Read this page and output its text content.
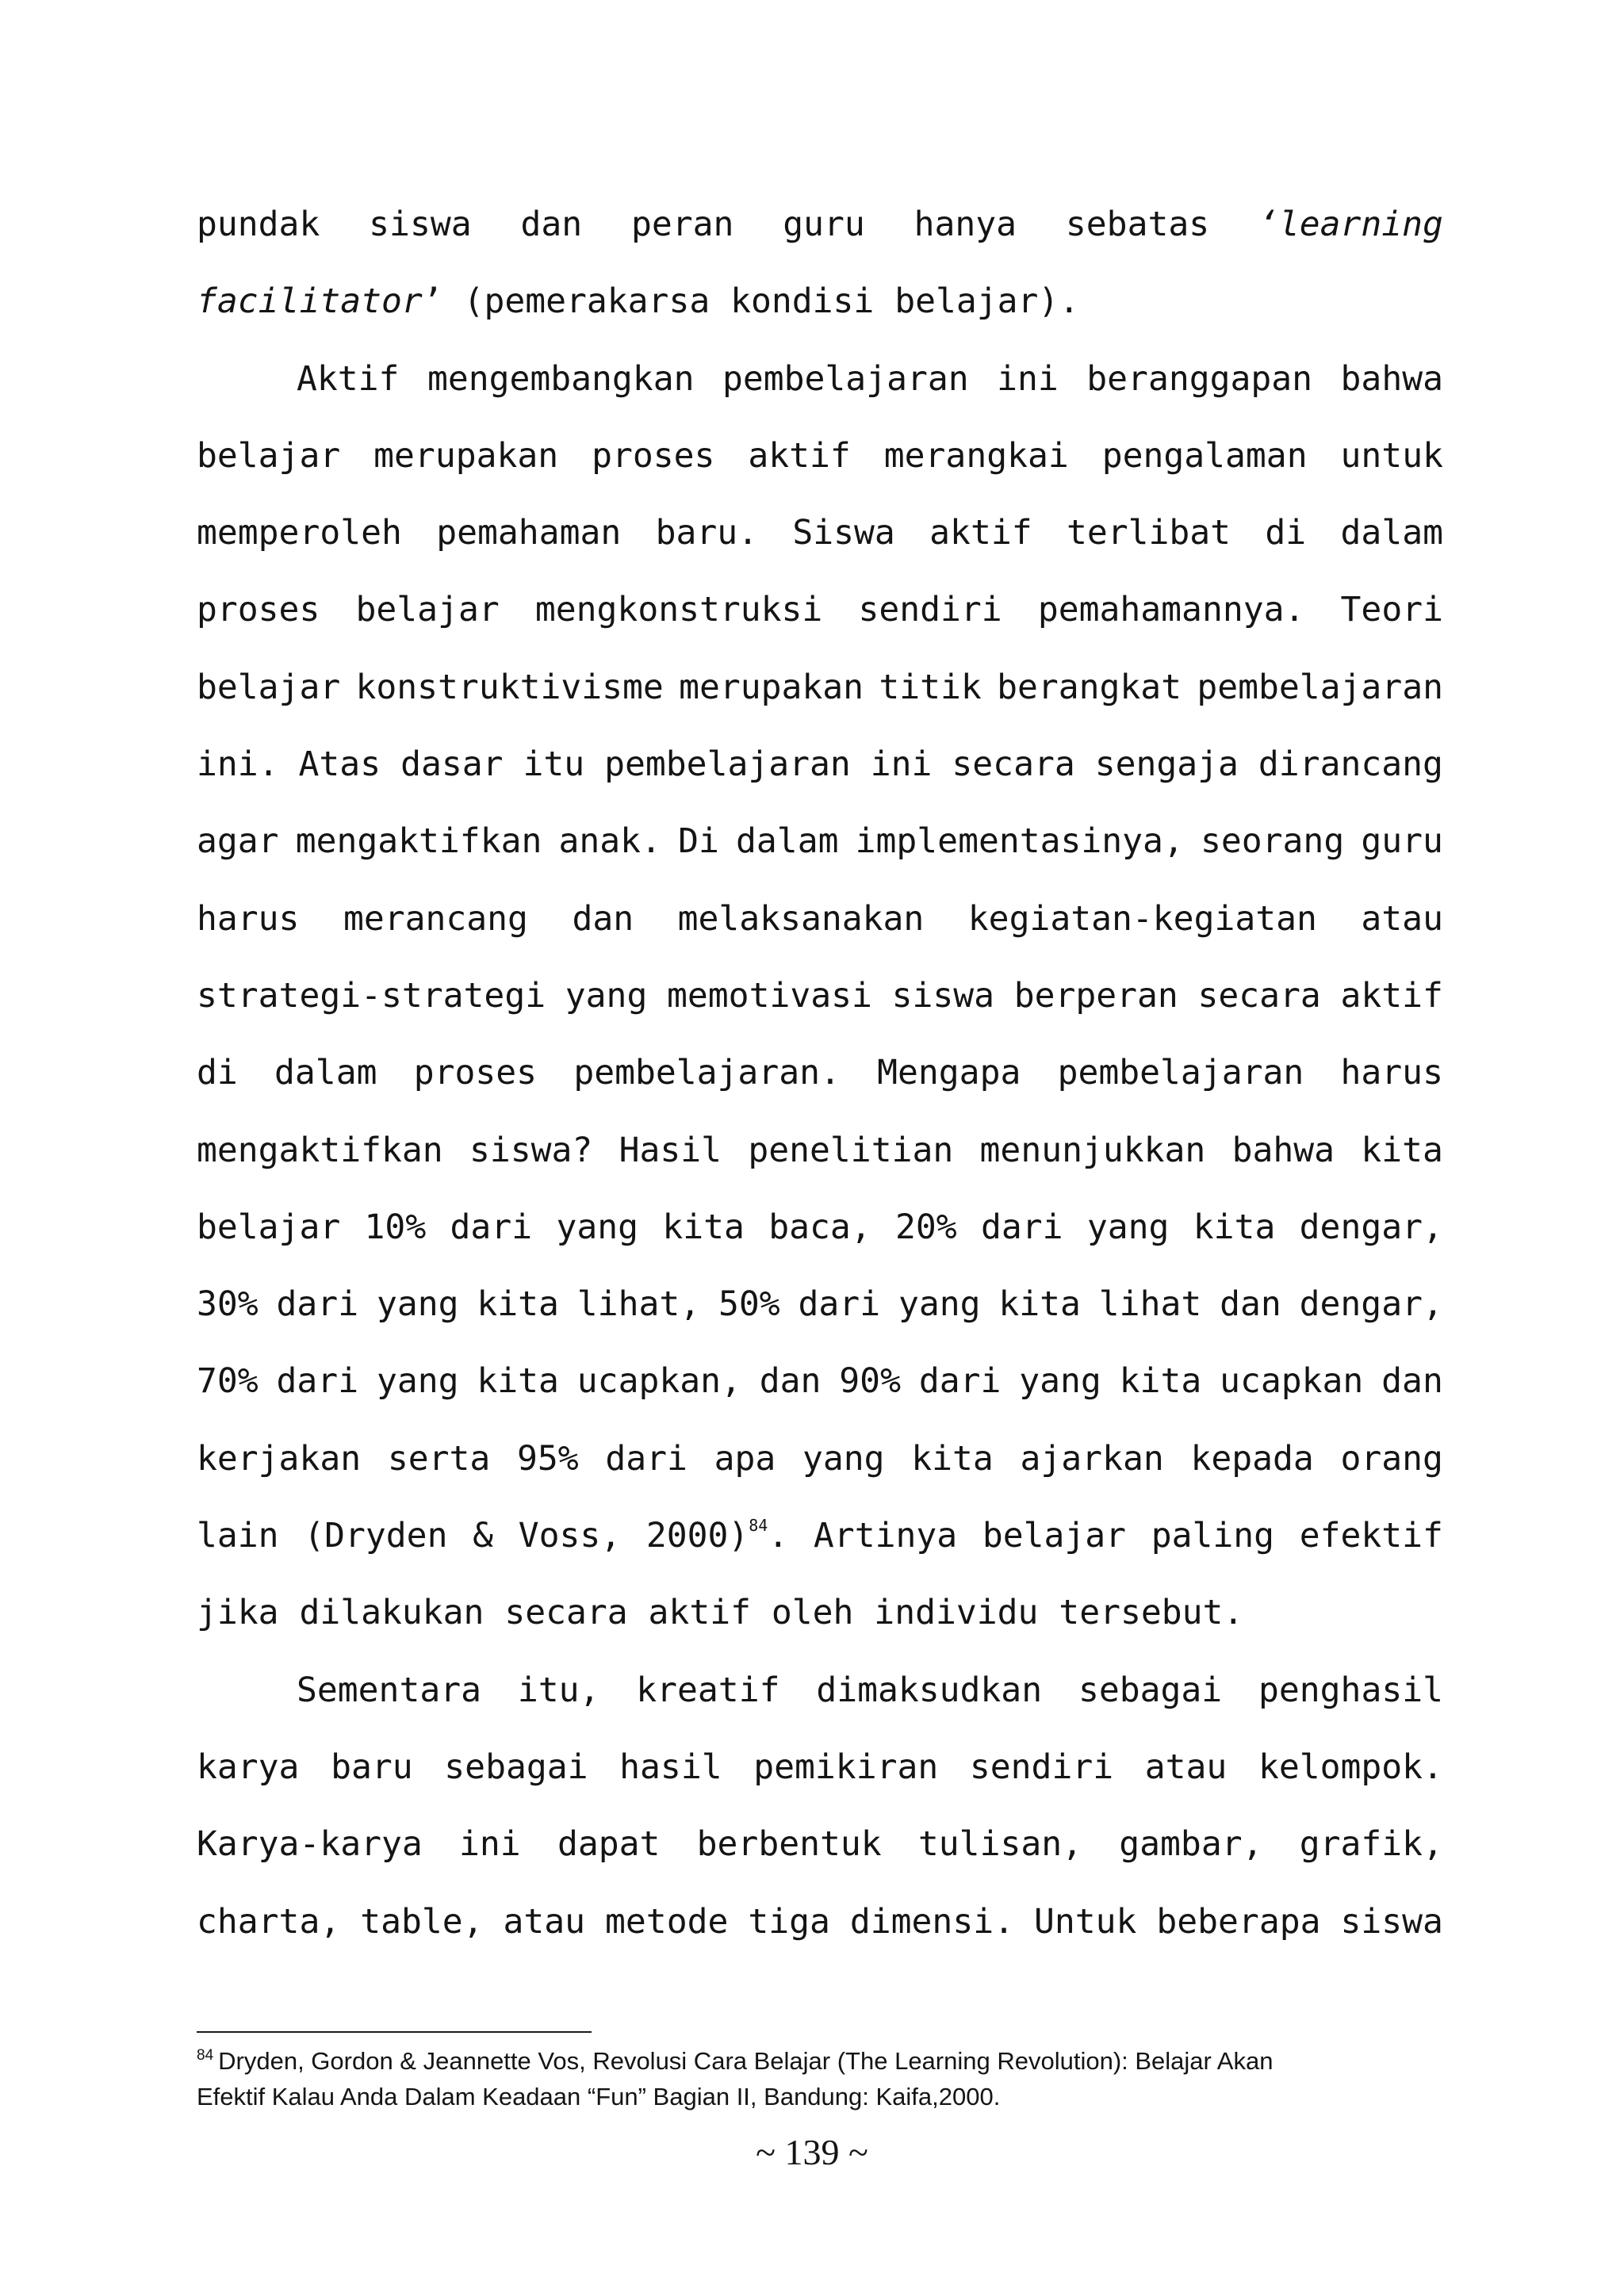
pundak siswa dan peran guru hanya sebatas ‘learning
facilitator’ (pemerakarsa kondisi belajar).
Aktif mengembangkan pembelajaran ini beranggapan bahwa
belajar merupakan proses aktif merangkai pengalaman untuk
memperoleh pemahaman baru. Siswa aktif terlibat di dalam
proses belajar mengkonstruksi sendiri pemahamannya. Teori
belajar konstruktivisme merupakan titik berangkat pembelajaran
ini. Atas dasar itu pembelajaran ini secara sengaja dirancang
agar mengaktifkan anak. Di dalam implementasinya, seorang guru
harus merancang dan melaksanakan kegiatan-kegiatan atau
strategi-strategi yang memotivasi siswa berperan secara aktif
di dalam proses pembelajaran. Mengapa pembelajaran harus
mengaktifkan siswa? Hasil penelitian menunjukkan bahwa kita
belajar 10% dari yang kita baca, 20% dari yang kita dengar,
30% dari yang kita lihat, 50% dari yang kita lihat dan dengar,
70% dari yang kita ucapkan, dan 90% dari yang kita ucapkan dan
kerjakan serta 95% dari apa yang kita ajarkan kepada orang
lain (Dryden & Voss, 2000)$^{84}$. Artinya belajar paling efektif
jika dilakukan secara aktif oleh individu tersebut.
Sementara itu, kreatif dimaksudkan sebagai penghasil
karya baru sebagai hasil pemikiran sendiri atau kelompok.
Karya-karya ini dapat berbentuk tulisan, gambar, grafik,
charta, table, atau metode tiga dimensi. Untuk beberapa siswa
$^{84}$ Dryden, Gordon & Jeannette Vos, Revolusi Cara Belajar (The Learning Revolution): Belajar Akan
Efektif Kalau Anda Dalam Keadaan “Fun” Bagian II, Bandung: Kaifa,2000.
~ 139 ~
